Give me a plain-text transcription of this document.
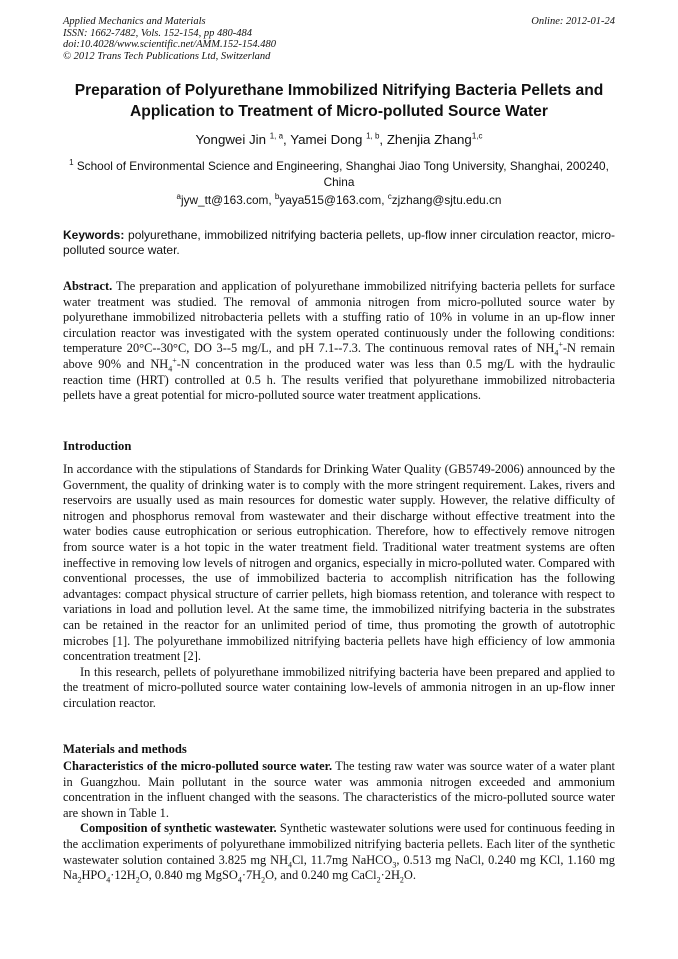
Applied Mechanics and Materials
ISSN: 1662-7482, Vols. 152-154, pp 480-484
doi:10.4028/www.scientific.net/AMM.152-154.480
© 2012 Trans Tech Publications Ltd, Switzerland
Online: 2012-01-24
Preparation of Polyurethane Immobilized Nitrifying Bacteria Pellets and
Application to Treatment of Micro-polluted Source Water
Yongwei Jin $^{1, a}$, Yamei Dong $^{1, b}$, Zhenjia Zhang$^{1,c}$
$^1$ School of Environmental Science and Engineering, Shanghai Jiao Tong University, Shanghai, 200240, China
$^a$jyw_tt@163.com, $^b$yaya515@163.com, $^c$zjzhang@sjtu.edu.cn
Keywords: polyurethane, immobilized nitrifying bacteria pellets, up-flow inner circulation reactor, micro-polluted source water.

Abstract. The preparation and application of polyurethane immobilized nitrifying bacteria pellets for surface water treatment was studied. The removal of ammonia nitrogen from micro-polluted source water by polyurethane immobilized nitrobacteria pellets with a stuffing ratio of 10% in volume in an up-flow inner circulation reactor was investigated with the system operated continuously under the following conditions: temperature 20°C--30°C, DO 3--5 mg/L, and pH 7.1--7.3. The continuous removal rates of $NH_4^+-N$ remain above 90% and $NH_4^+-N$ concentration in the produced water was less than 0.5 mg/L with the hydraulic reaction time (HRT) controlled at 0.5 h. The results verified that polyurethane immobilized nitrobacteria pellets have a great potential for micro-polluted source water treatment applications.

Introduction

In accordance with the stipulations of Standards for Drinking Water Quality (GB5749-2006) announced by the Government, the quality of drinking water is to comply with the more stringent requirement. Lakes, rivers and reservoirs are usually used as main resources for domestic water supply. However, the relative difficulty of nitrogen and phosphorus removal from wastewater and their discharge without effective treatment into the water bodies cause eutrophication or serious eutrophication. Therefore, how to effectively remove nitrogen from source water is a hot topic in the water treatment field. Traditional water treatment systems are often ineffective in removing low levels of nitrogen and organics, especially in micro-polluted water. Compared with conventional processes, the use of immobilized bacteria to accomplish nitrification has the following advantages: compact physical structure of carrier pellets, high biomass retention, and tolerance with respect to variations in load and pollution level. At the same time, the immobilized nitrifying bacteria in the substrates can be retained in the reactor for an unlimited period of time, thus promoting the growth of autotrophic microbes [1]. The polyurethane immobilized nitrifying bacteria pellets have high efficiency of low ammonia concentration treatment [2].

In this research, pellets of polyurethane immobilized nitrifying bacteria have been prepared and applied to the treatment of micro-polluted source water containing low-levels of ammonia nitrogen in an up-flow inner circulation reactor.

Materials and methods

Characteristics of the micro-polluted source water. The testing raw water was source water of a water plant in Guangzhou. Main pollutant in the source water was ammonia nitrogen exceeded and ammonium concentration in the influent changed with the seasons. The characteristics of the micro-polluted source water are shown in Table 1.

Composition of synthetic wastewater. Synthetic wastewater solutions were used for continuous feeding in the acclimation experiments of polyurethane immobilized nitrifying bacteria pellets. Each liter of the synthetic wastewater solution contained 3.825 mg $NH_4Cl$, 11.7mg NaHCO$_3$, 0.513 mg NaCl, 0.240 mg KCl, 1.160 mg $Na_2HPO_4\cdot 12H_2O$, 0.840 mg $MgSO_4\cdot 7H_2O$, and 0.240 mg $CaCl_2\cdot 2H_2O$.
